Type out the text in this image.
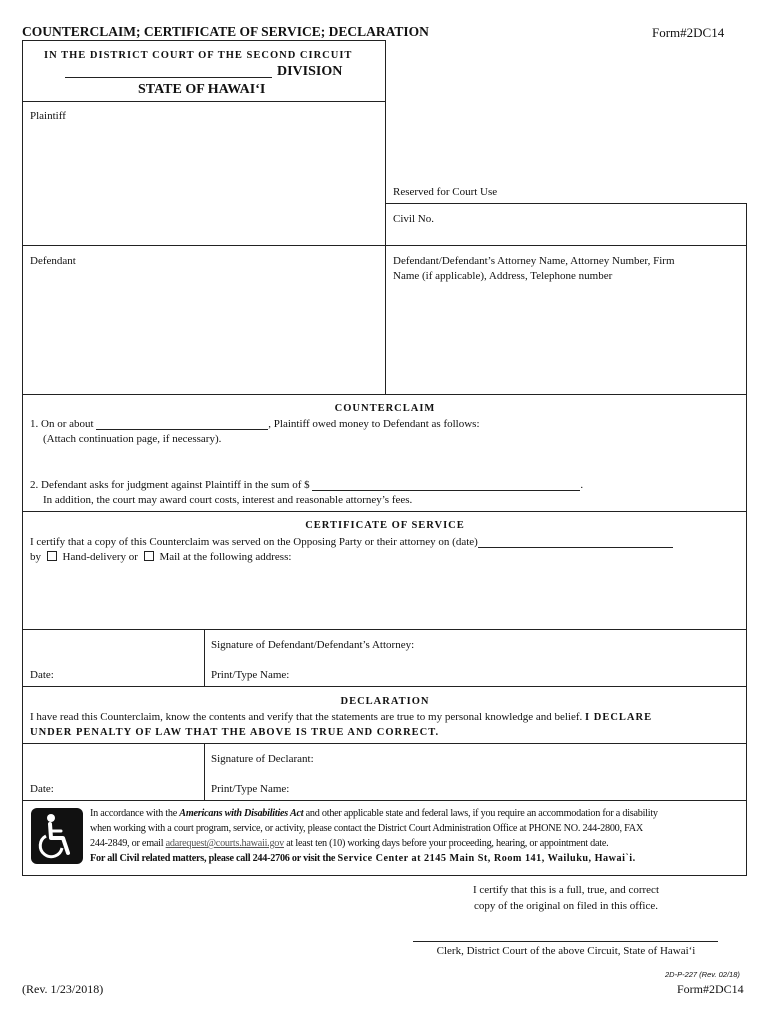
COUNTERCLAIM; CERTIFICATE OF SERVICE; DECLARATION	Form#2DC14
IN THE DISTRICT COURT OF THE SECOND CIRCUIT
DIVISION
STATE OF HAWAI‘I
Plaintiff
Reserved for Court Use
Civil No.
Defendant	Defendant/Defendant’s Attorney Name, Attorney Number, Firm
Name (if applicable), Address, Telephone number
COUNTERCLAIM
1. On or about	, Plaintiff owed money to Defendant as follows:
(Attach continuation page, if necessary).
2. Defendant asks for judgment against Plaintiff in the sum of $	.
In addition, the court may award court costs, interest and reasonable attorney’s fees.
CERTIFICATE OF SERVICE
I certify that a copy of this Counterclaim was served on the Opposing Party or their attorney on (date)
by Hand-delivery or Mail at the following address:
Signature of Defendant/Defendant’s Attorney:
Date:	Print/Type Name:
DECLARATION
I have read this Counterclaim, know the contents and verify that the statements are true to my personal knowledge and belief. I DECLARE
UNDER PENALTY OF LAW THAT THE ABOVE IS TRUE AND CORRECT.
Signature of Declarant:
Date:	Print/Type Name:
In accordance with the Americans with Disabilities Act and other applicable state and federal laws, if you require an accommodation for a disability
when working with a court program, service, or activity, please contact the District Court Administration Office at PHONE NO. 244-2800, FAX
244-2849, or email adarequest@courts.hawaii.gov at least ten (10) working days before your proceeding, hearing, or appointment date.
For all Civil related matters, please call 244-2706 or visit the Service Center at 2145 Main St, Room 141, Wailuku, Hawai`i.
I certify that this is a full, true, and correct
copy of the original on filed in this office.
Clerk, District Court of the above Circuit, State of Hawai‘i
2D-P-227 (Rev. 02/18)
(Rev. 1/23/2018)	Form#2DC14
